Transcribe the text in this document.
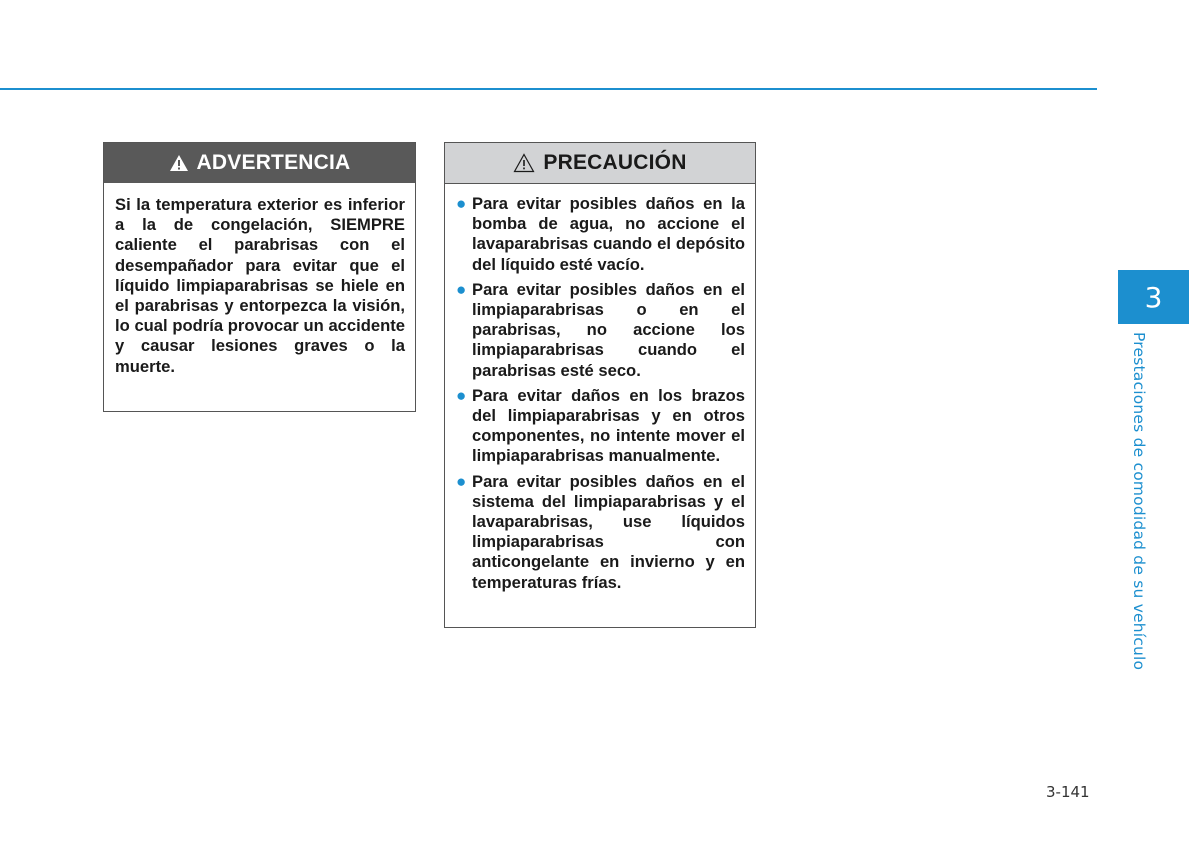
ADVERTENCIA
Si la temperatura exterior es inferior a la de congelación, SIEMPRE caliente el parabrisas con el desempañador para evitar que el líquido limpiaparabrisas se hiele en el parabrisas y entorpezca la visión, lo cual podría provocar un accidente y causar lesiones graves o la muerte.
PRECAUCIÓN
● Para evitar posibles daños en la bomba de agua, no accione el lavaparabrisas cuando el depósito del líquido esté vacío.
● Para evitar posibles daños en el limpiaparabrisas o en el parabrisas, no accione los limpiaparabrisas cuando el parabrisas esté seco.
● Para evitar daños en los brazos del limpiaparabrisas y en otros componentes, no intente mover el limpiaparabrisas manualmente.
● Para evitar posibles daños en el sistema del limpiaparabrisas y el lavaparabrisas, use líquidos limpiaparabrisas con anticongelante en invierno y en temperaturas frías.
3
Prestaciones de comodidad de su vehículo
3-141
